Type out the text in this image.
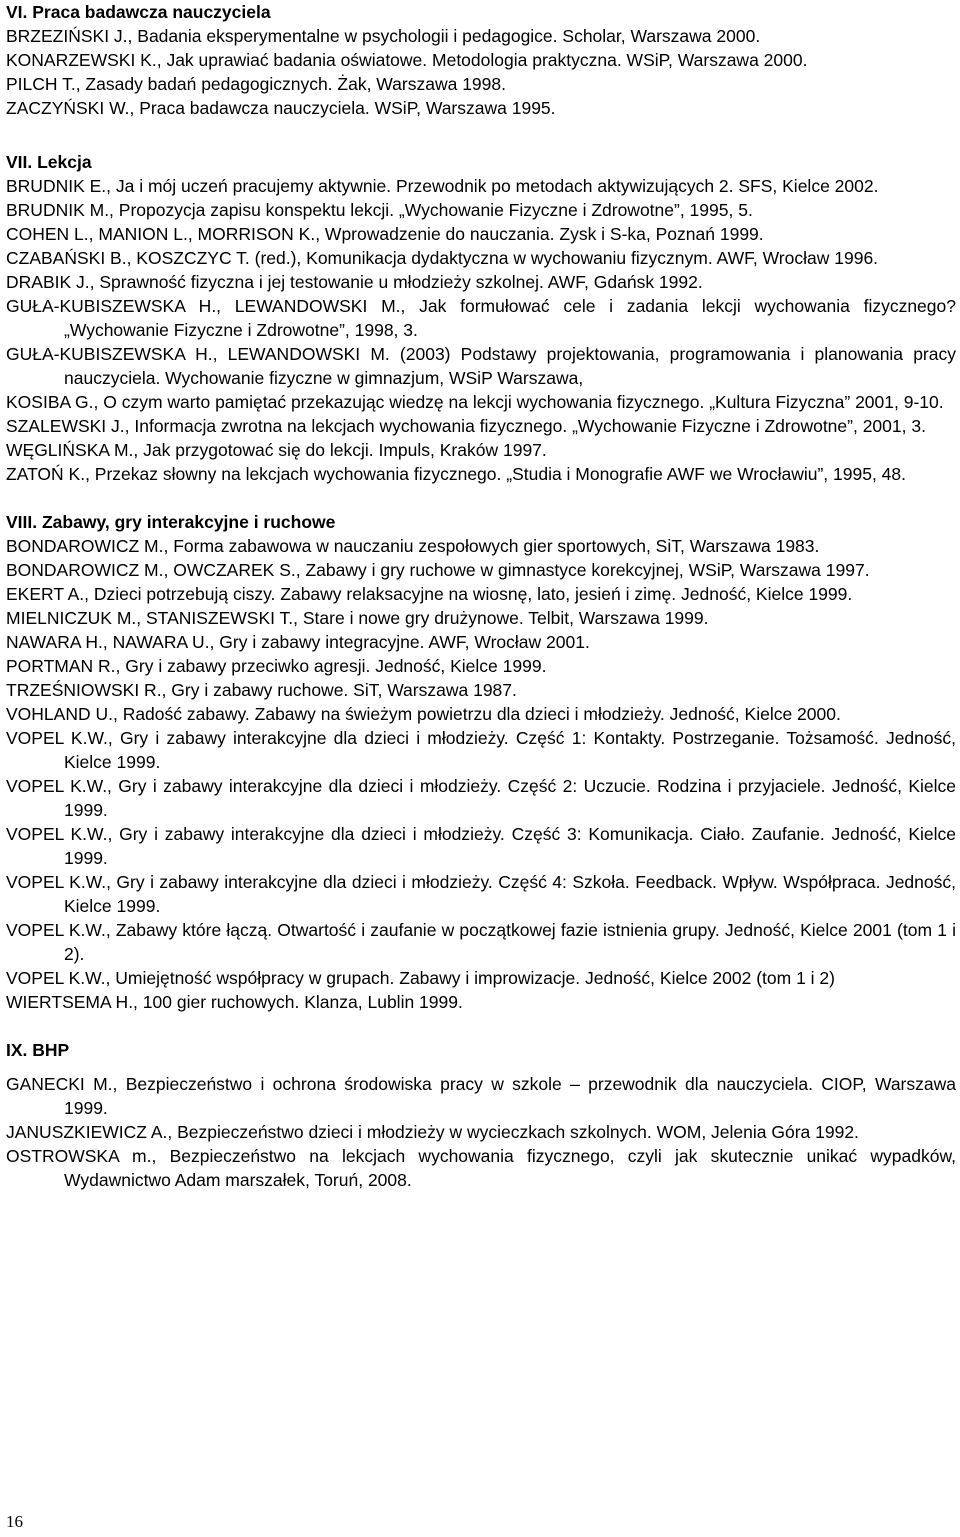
VI. Praca badawcza nauczyciela
BRZEZIŃSKI J., Badania eksperymentalne w psychologii i pedagogice. Scholar, Warszawa 2000.
KONARZEWSKI K., Jak uprawiać badania oświatowe. Metodologia praktyczna. WSiP, Warszawa 2000.
PILCH T., Zasady badań pedagogicznych. Żak, Warszawa 1998.
ZACZYŃSKI W., Praca badawcza nauczyciela. WSiP, Warszawa 1995.
VII. Lekcja
BRUDNIK E., Ja i mój uczeń pracujemy aktywnie. Przewodnik po metodach aktywizujących 2. SFS, Kielce 2002.
BRUDNIK M., Propozycja zapisu konspektu lekcji. „Wychowanie Fizyczne i Zdrowotne”, 1995, 5.
COHEN L., MANION L., MORRISON K., Wprowadzenie do nauczania. Zysk i S-ka, Poznań 1999.
CZABAŃSKI B., KOSZCZYC T. (red.), Komunikacja dydaktyczna w wychowaniu fizycznym. AWF, Wrocław 1996.
DRABIK J., Sprawność fizyczna i jej testowanie u młodzieży szkolnej. AWF, Gdańsk 1992.
GUŁA-KUBISZEWSKA H., LEWANDOWSKI M., Jak formułować cele i zadania lekcji wychowania fizycznego? „Wychowanie Fizyczne i Zdrowotne”, 1998, 3.
GUŁA-KUBISZEWSKA H., LEWANDOWSKI M. (2003) Podstawy projektowania, programowania i planowania pracy nauczyciela. Wychowanie fizyczne w gimnazjum, WSiP Warszawa,
KOSIBA G., O czym warto pamiętać przekazując wiedzę na lekcji wychowania fizycznego. „Kultura Fizyczna” 2001, 9-10.
SZALEWSKI J., Informacja zwrotna na lekcjach wychowania fizycznego. „Wychowanie Fizyczne i Zdrowotne”, 2001, 3.
WĘGLIŃSKA M., Jak przygotować się do lekcji. Impuls, Kraków 1997.
ZATOŃ K., Przekaz słowny na lekcjach wychowania fizycznego. „Studia i Monografie AWF we Wrocławiu”, 1995, 48.
VIII. Zabawy, gry interakcyjne i ruchowe
BONDAROWICZ M., Forma zabawowa w nauczaniu zespołowych gier sportowych, SiT, Warszawa 1983.
BONDAROWICZ M., OWCZAREK S., Zabawy i gry ruchowe w gimnastyce korekcyjnej, WSiP, Warszawa 1997.
EKERT A., Dzieci potrzebują ciszy. Zabawy relaksacyjne na wiosnę, lato, jesień i zimę. Jedność, Kielce 1999.
MIELNICZUK M., STANISZEWSKI T., Stare i nowe gry drużynowe. Telbit, Warszawa 1999.
NAWARA H., NAWARA U., Gry i zabawy integracyjne. AWF, Wrocław 2001.
PORTMAN R., Gry i zabawy przeciwko agresji. Jedność, Kielce 1999.
TRZEŚNIOWSKI R., Gry i zabawy ruchowe. SiT, Warszawa 1987.
VOHLAND U., Radość zabawy. Zabawy na świeżym powietrzu dla dzieci i młodzieży. Jedność, Kielce 2000.
VOPEL K.W., Gry i zabawy interakcyjne dla dzieci i młodzieży. Część 1: Kontakty. Postrzeganie. Tożsamość. Jedność, Kielce 1999.
VOPEL K.W., Gry i zabawy interakcyjne dla dzieci i młodzieży. Część 2: Uczucie. Rodzina i przyjaciele. Jedność, Kielce 1999.
VOPEL K.W., Gry i zabawy interakcyjne dla dzieci i młodzieży. Część 3: Komunikacja. Ciało. Zaufanie. Jedność, Kielce 1999.
VOPEL K.W., Gry i zabawy interakcyjne dla dzieci i młodzieży. Część 4: Szkoła. Feedback. Wpływ. Współpraca. Jedność, Kielce 1999.
VOPEL K.W., Zabawy które łączą. Otwartość i zaufanie w początkowej fazie istnienia grupy. Jedność, Kielce 2001 (tom 1 i 2).
VOPEL K.W., Umiejętność współpracy w grupach. Zabawy i improwizacje. Jedność, Kielce 2002 (tom 1 i 2)
WIERTSEMA H., 100 gier ruchowych. Klanza, Lublin 1999.
IX. BHP
GANECKI M., Bezpieczeństwo i ochrona środowiska pracy w szkole – przewodnik dla nauczyciela. CIOP, Warszawa 1999.
JANUSZKIEWICZ A., Bezpieczeństwo dzieci i młodzieży w wycieczkach szkolnych. WOM, Jelenia Góra 1992.
OSTROWSKA m., Bezpieczeństwo na lekcjach wychowania fizycznego, czyli jak skutecznie unikać wypadków, Wydawnictwo Adam marszałek, Toruń, 2008.
16
